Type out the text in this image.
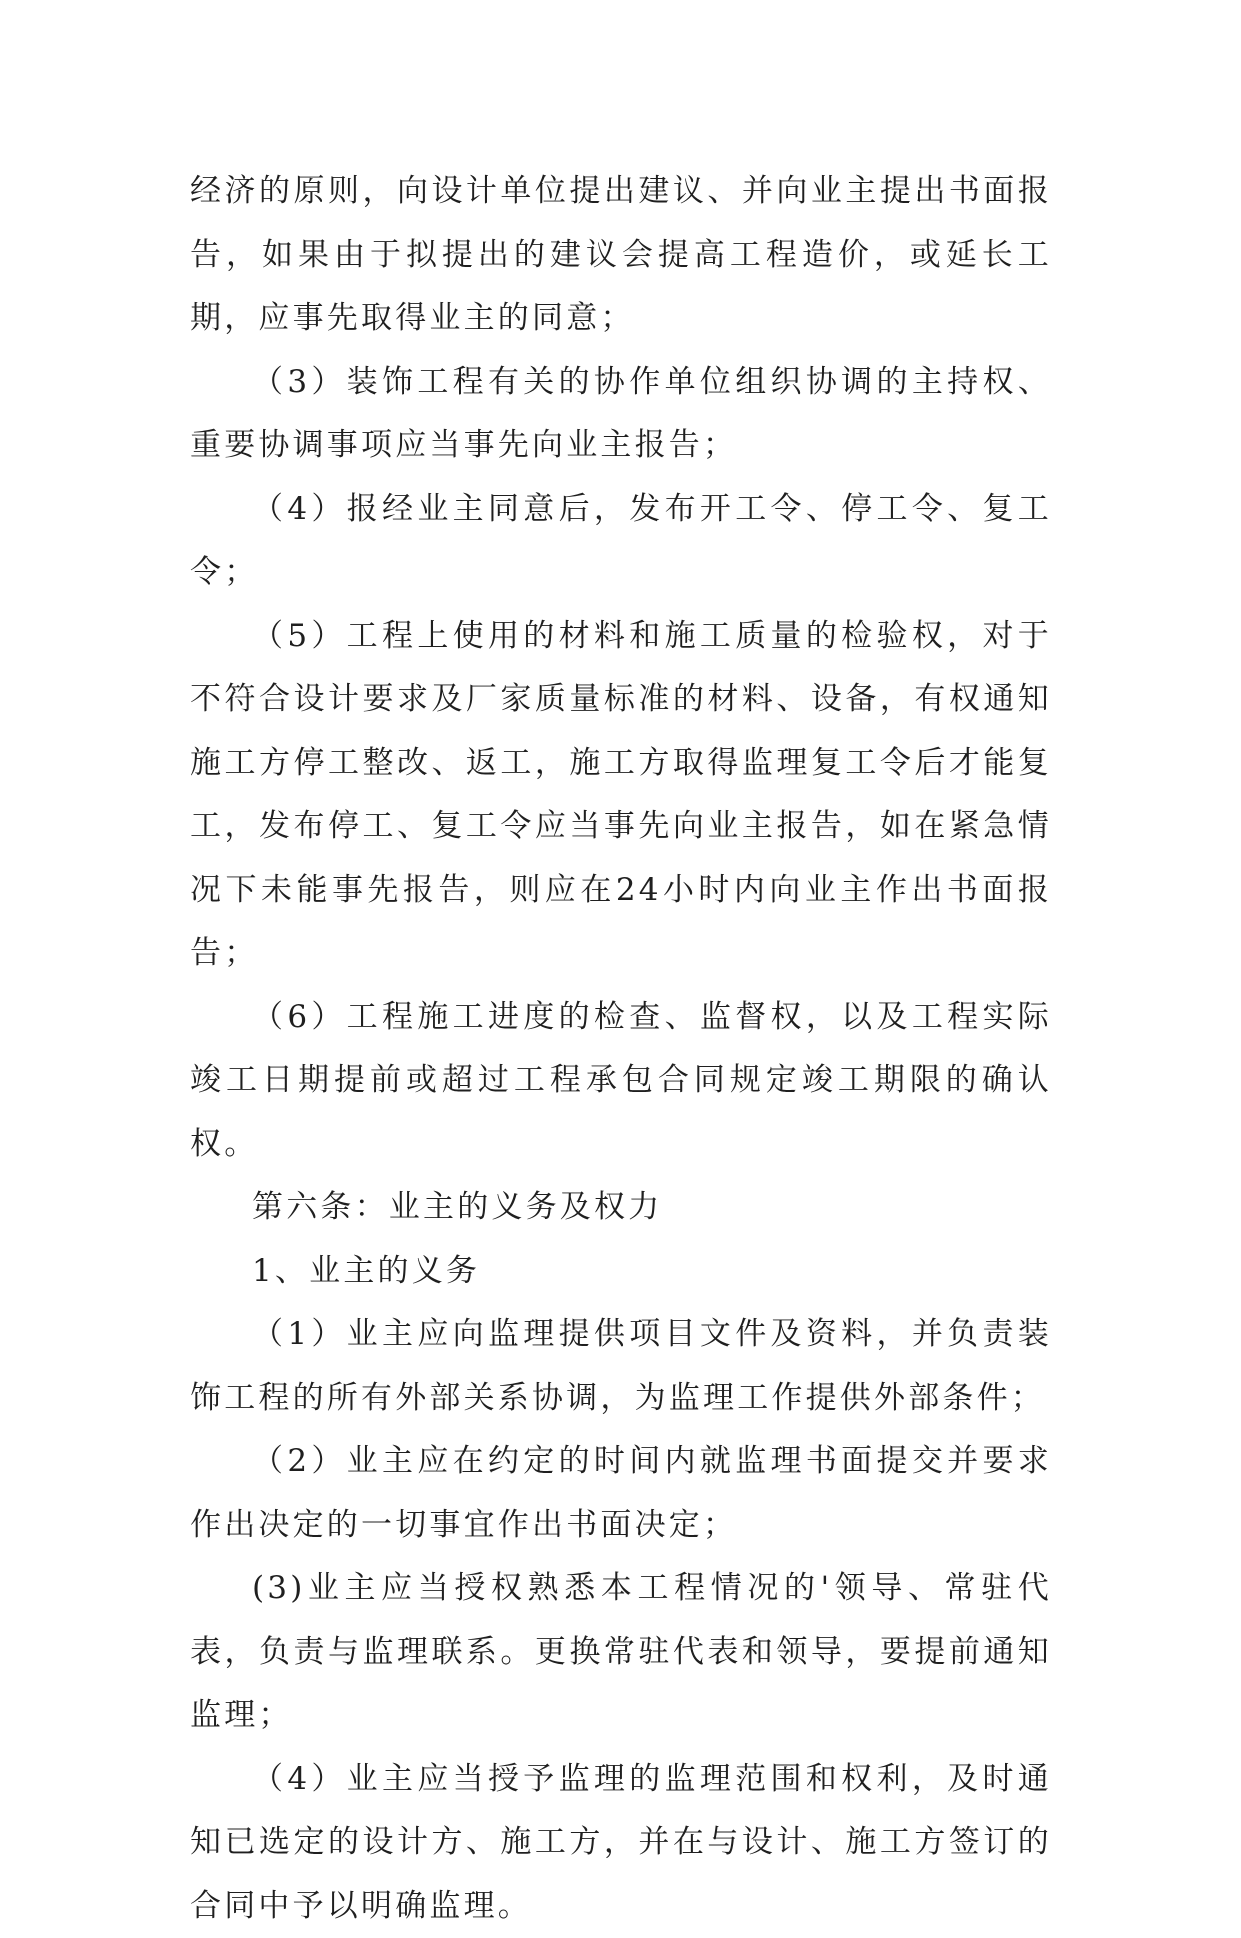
经济的原则，向设计单位提出建议、并向业主提出书面报告，如果由于拟提出的建议会提高工程造价，或延长工期，应事先取得业主的同意；

（3）装饰工程有关的协作单位组织协调的主持权、重要协调事项应当事先向业主报告；

（4）报经业主同意后，发布开工令、停工令、复工令；

（5）工程上使用的材料和施工质量的检验权，对于不符合设计要求及厂家质量标准的材料、设备，有权通知施工方停工整改、返工，施工方取得监理复工令后才能复工，发布停工、复工令应当事先向业主报告，如在紧急情况下未能事先报告，则应在24小时内向业主作出书面报告；

（6）工程施工进度的检查、监督权，以及工程实际竣工日期提前或超过工程承包合同规定竣工期限的确认权。

第六条：业主的义务及权力

1、业主的义务

（1）业主应向监理提供项目文件及资料，并负责装饰工程的所有外部关系协调，为监理工作提供外部条件；

（2）业主应在约定的时间内就监理书面提交并要求作出决定的一切事宜作出书面决定；

(3)业主应当授权熟悉本工程情况的'领导、常驻代表，负责与监理联系。更换常驻代表和领导，要提前通知监理；

（4）业主应当授予监理的监理范围和权利，及时通知已选定的设计方、施工方，并在与设计、施工方签订的合同中予以明确监理。
